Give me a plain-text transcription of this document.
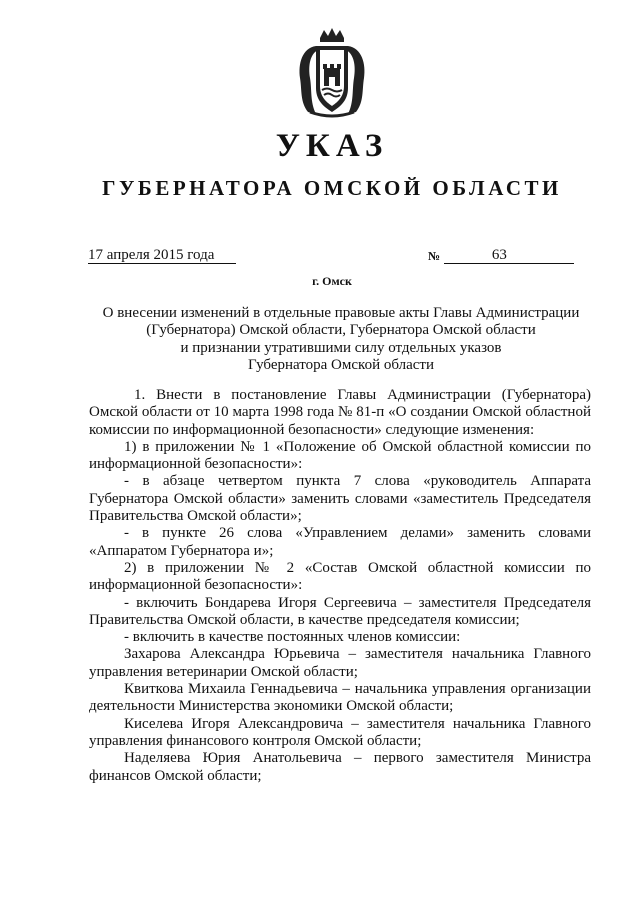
УКАЗ
ГУБЕРНАТОРА ОМСКОЙ ОБЛАСТИ
17 апреля 2015 года	№	63
г. Омск
О внесении изменений в отдельные правовые акты Главы Администрации
(Губернатора) Омской области, Губернатора Омской области
и признании утратившими силу отдельных указов
Губернатора Омской области

1. Внести в постановление Главы Администрации (Губернатора) Омской области от 10 марта 1998 года № 81-п «О создании Омской областной комиссии по информационной безопасности» следующие изменения:

1) в приложении № 1 «Положение об Омской областной комиссии по информационной безопасности»:

- в абзаце четвертом пункта 7 слова «руководитель Аппарата Губернатора Омской области» заменить словами «заместитель Председателя Правительства Омской области»;

- в пункте 26 слова «Управлением делами» заменить словами «Аппаратом Губернатора и»;

2) в приложении № 2 «Состав Омской областной комиссии по информационной безопасности»:

- включить Бондарева Игоря Сергеевича – заместителя Председателя Правительства Омской области, в качестве председателя комиссии;

- включить в качестве постоянных членов комиссии:

Захарова Александра Юрьевича – заместителя начальника Главного управления ветеринарии Омской области;

Квиткова Михаила Геннадьевича – начальника управления организации деятельности Министерства экономики Омской области;

Киселева Игоря Александровича – заместителя начальника Главного управления финансового контроля Омской области;

Наделяева Юрия Анатольевича – первого заместителя Министра финансов Омской области;
